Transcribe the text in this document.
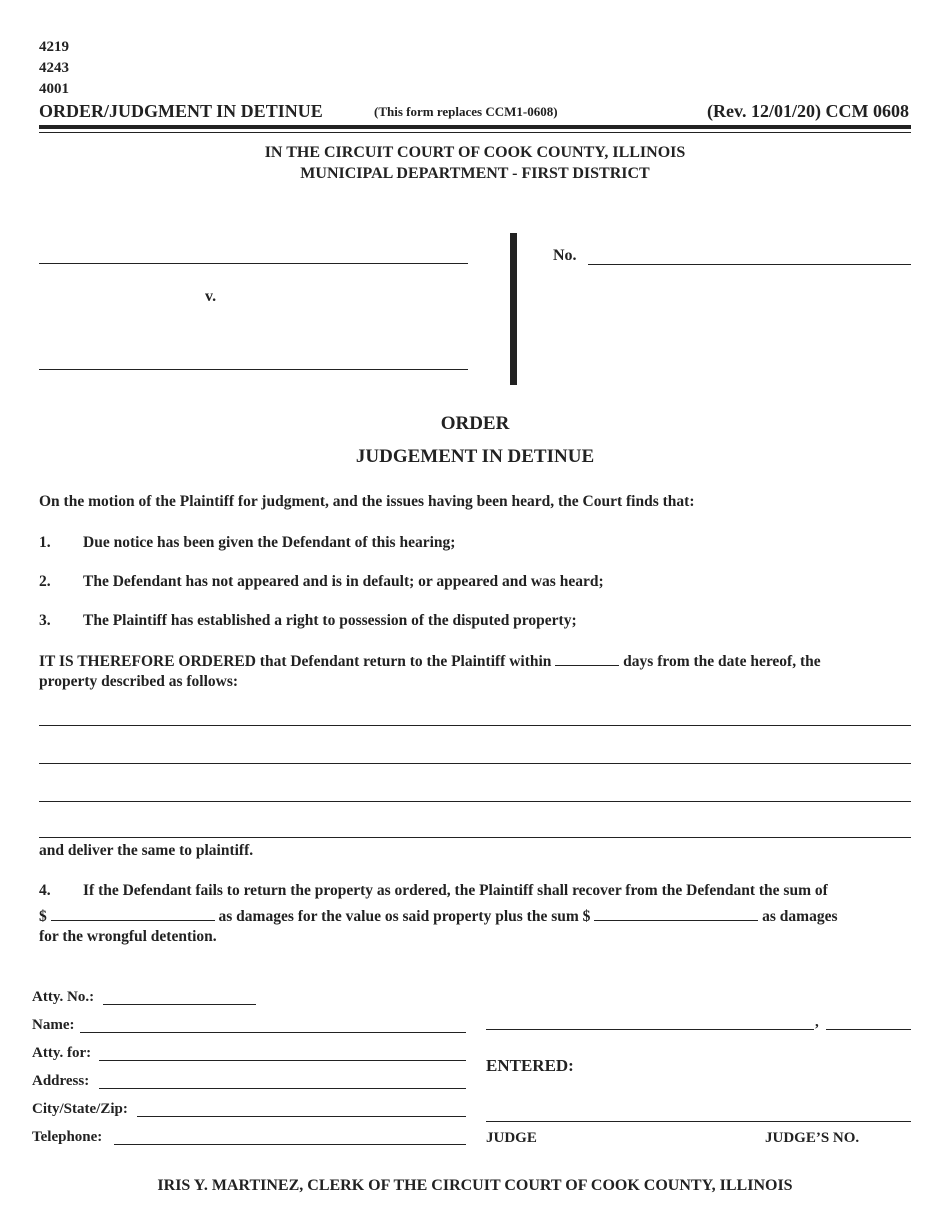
4219
4243
4001
ORDER/JUDGMENT IN DETINUE	(This form replaces CCM1-0608)	(Rev. 12/01/20) CCM 0608
IN THE CIRCUIT COURT OF COOK COUNTY, ILLINOIS
MUNICIPAL DEPARTMENT - FIRST DISTRICT
v.
No.
ORDER
JUDGEMENT IN DETINUE
On the motion of the Plaintiff for judgment, and the issues having been heard, the Court finds that:
1. Due notice has been given the Defendant of this hearing;
2. The Defendant has not appeared and is in default; or appeared and was heard;
3. The Plaintiff has established a right to possession of the disputed property;
IT IS THEREFORE ORDERED that Defendant return to the Plaintiff within	days from the date hereof, the
property described as follows:
and deliver the same to plaintiff.
4. If the Defendant fails to return the property as ordered, the Plaintiff shall recover from the Defendant the sum of
$	as damages for the value os said property plus the sum $	as damages
for the wrongful detention.
Atty. No.:
Name:
Atty. for:
Address:
City/State/Zip:
Telephone:
,
ENTERED:
JUDGE	JUDGE’S NO.
IRIS Y. MARTINEZ, CLERK OF THE CIRCUIT COURT OF COOK COUNTY, ILLINOIS
